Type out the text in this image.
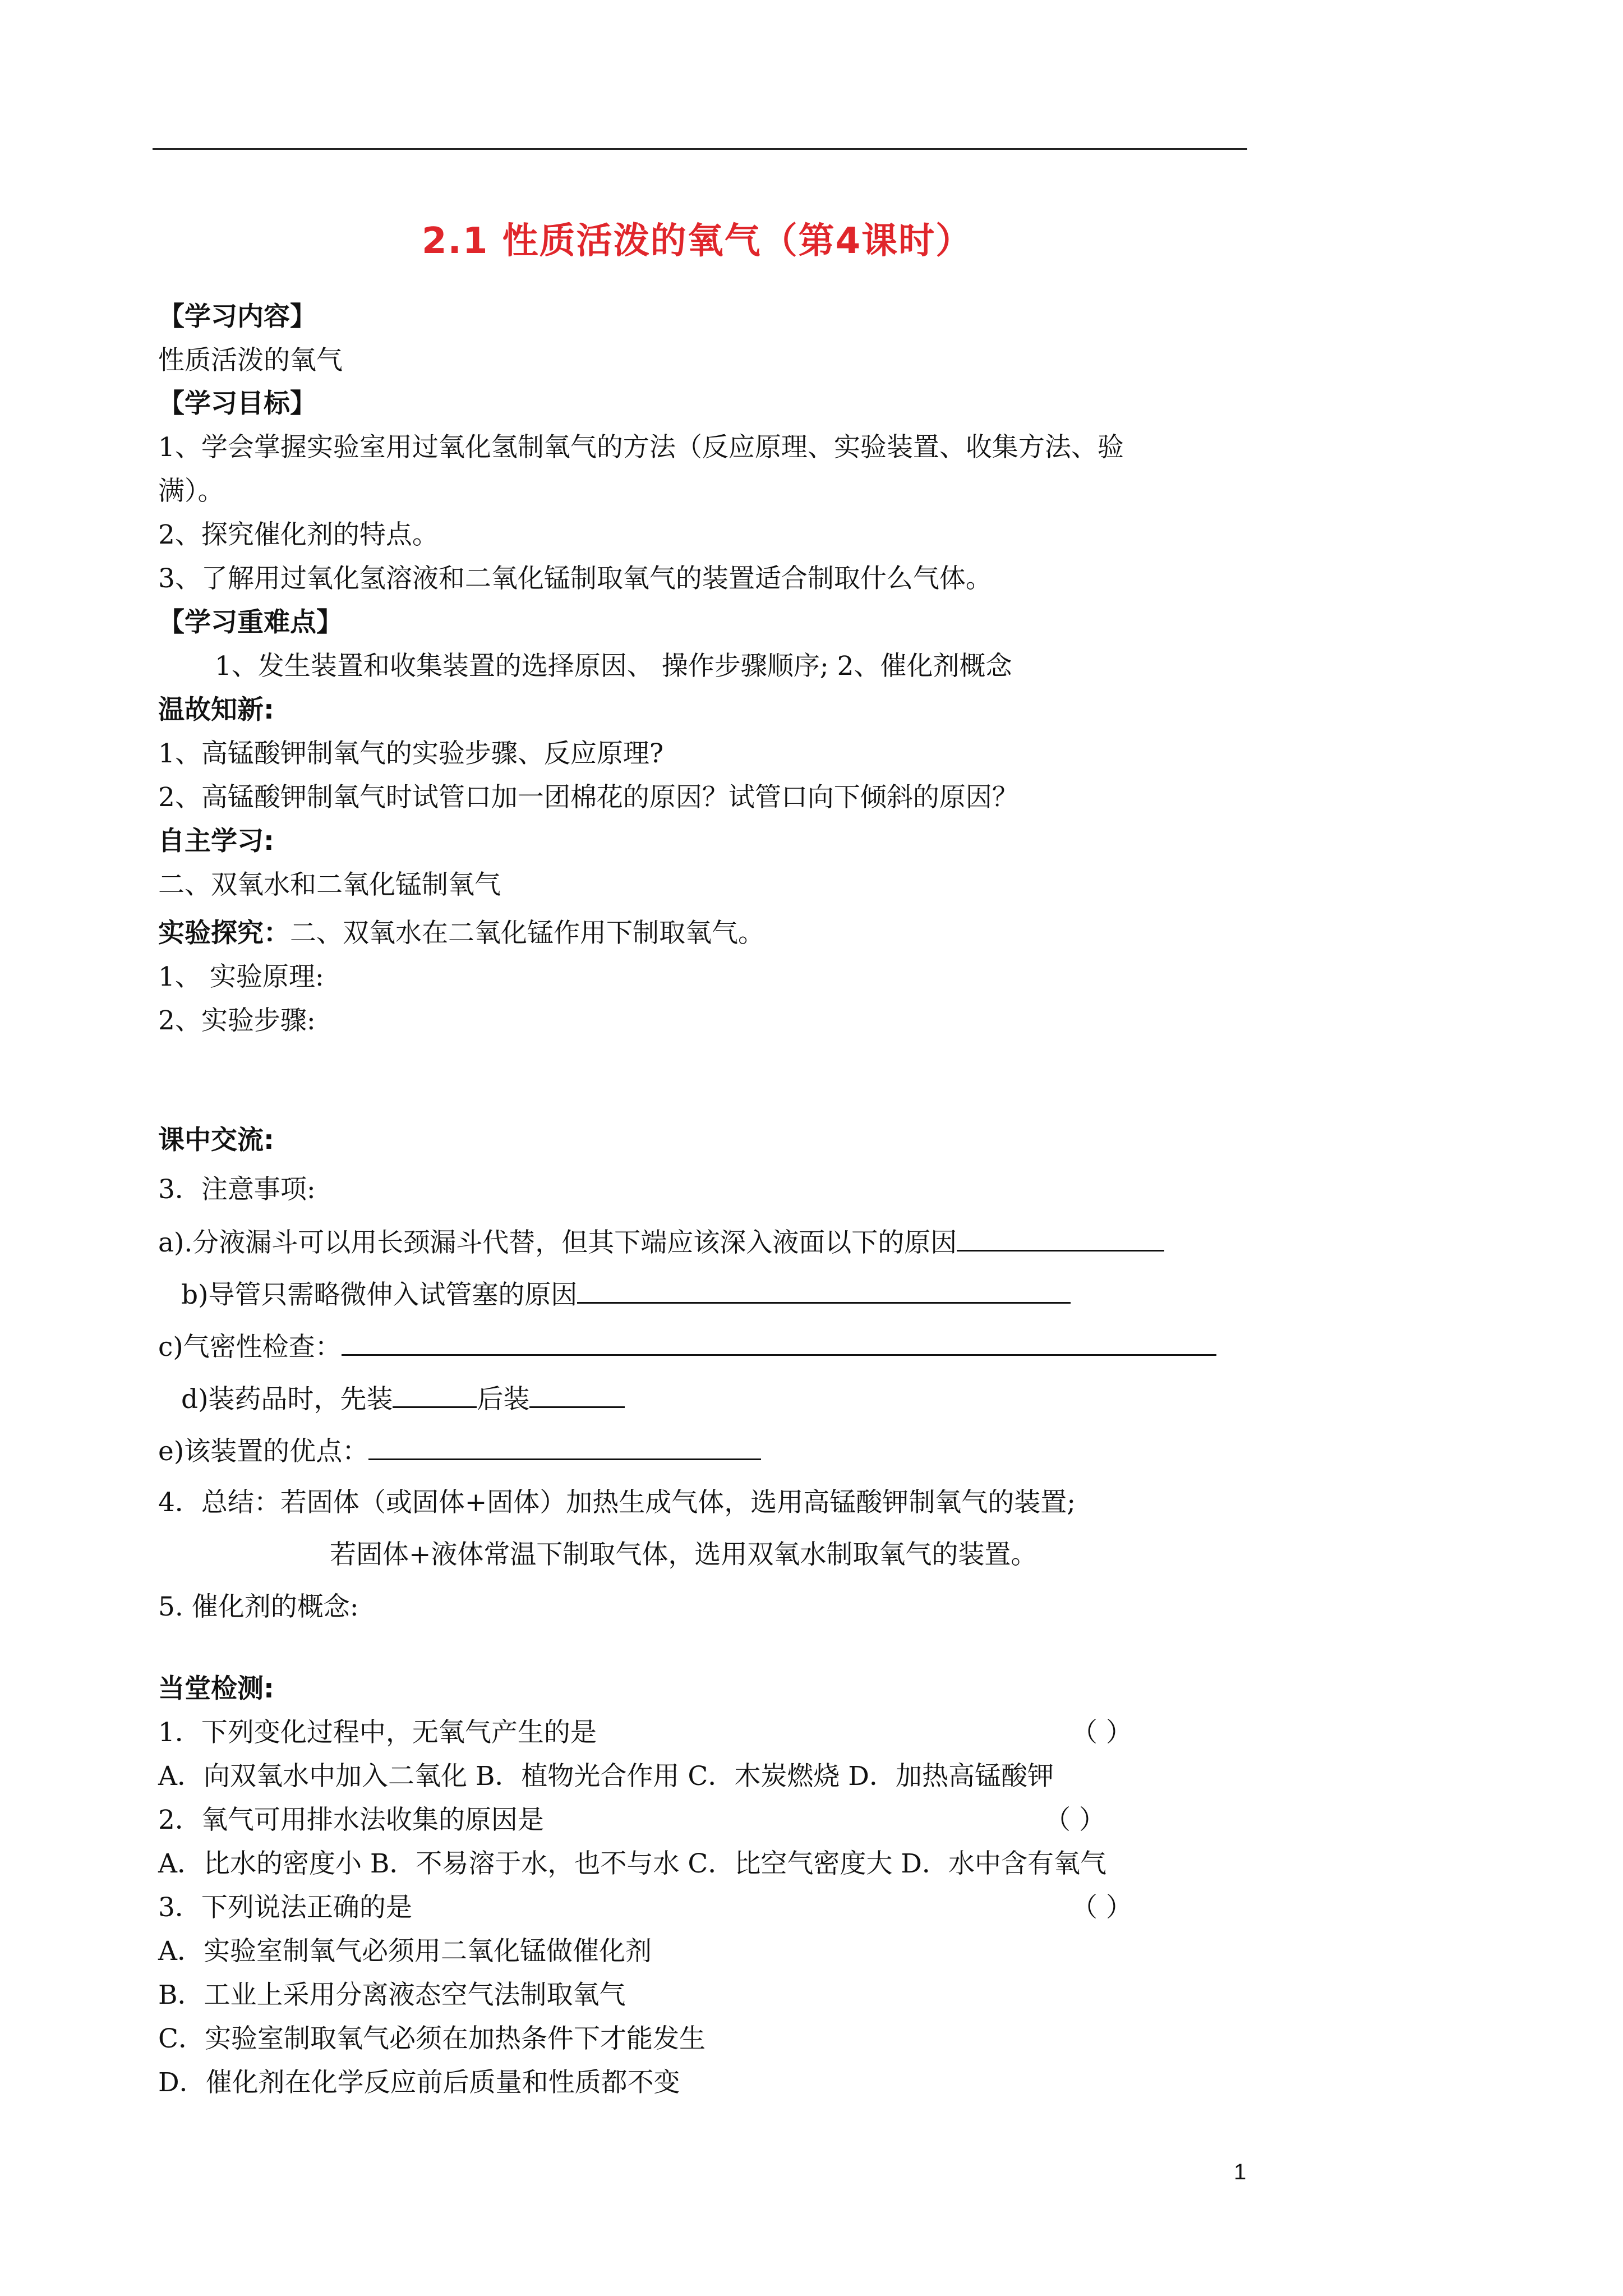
2.1 性质活泼的氧气（第4课时）
【学习内容】
性质活泼的氧气
【学习目标】
1、学会掌握实验室用过氧化氢制氧气的方法（反应原理、实验装置、收集方法、验
满）。
2、探究催化剂的特点。
3、了解用过氧化氢溶液和二氧化锰制取氧气的装置适合制取什么气体。
【学习重难点】
1、发生装置和收集装置的选择原因、 操作步骤顺序; 2、催化剂概念
温故知新:
1、高锰酸钾制氧气的实验步骤、反应原理?
2、高锰酸钾制氧气时试管口加一团棉花的原因？试管口向下倾斜的原因？
自主学习:
二、双氧水和二氧化锰制氧气
实验探究：二、双氧水在二氧化锰作用下制取氧气。
1、 实验原理:
2、实验步骤:
课中交流:
3．注意事项:
a).分液漏斗可以用长颈漏斗代替，但其下端应该深入液面以下的原因
b)导管只需略微伸入试管塞的原因
c)气密性检查：
d)装药品时，先装	后装
e)该装置的优点：
4．总结：若固体（或固体+固体）加热生成气体，选用高锰酸钾制氧气的装置;
若固体+液体常温下制取气体，选用双氧水制取氧气的装置。
5. 催化剂的概念:
当堂检测:
1．下列变化过程中，无氧气产生的是	（ ）
A．向双氧水中加入二氧化 B．植物光合作用 C．木炭燃烧 D．加热高锰酸钾
2．氧气可用排水法收集的原因是	（ ）
A．比水的密度小 B．不易溶于水，也不与水 C．比空气密度大 D．水中含有氧气
3．下列说法正确的是	（ ）
A．实验室制氧气必须用二氧化锰做催化剂
B．工业上采用分离液态空气法制取氧气
C．实验室制取氧气必须在加热条件下才能发生
D．催化剂在化学反应前后质量和性质都不变
1
